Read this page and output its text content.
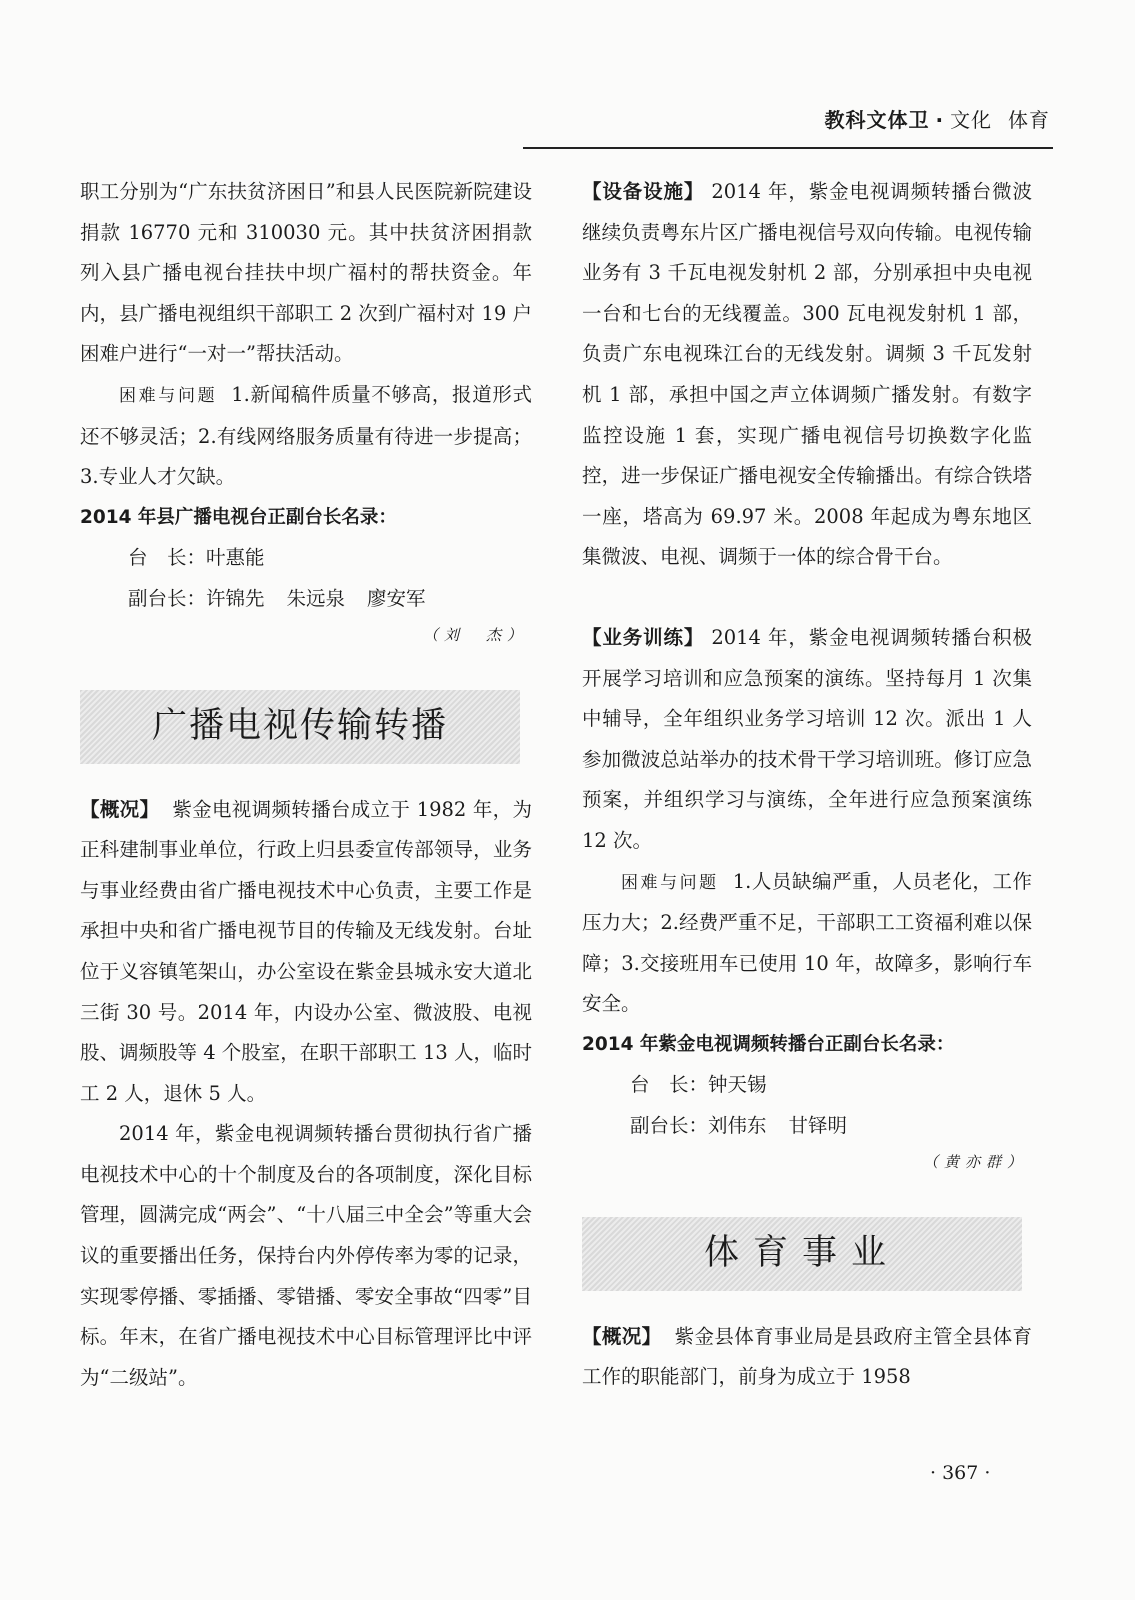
教科文体卫 · 文化 体育

职工分别为“广东扶贫济困日”和县人民医院新院建设捐款 16770 元和 310030 元。其中扶贫济困捐款列入县广播电视台挂扶中坝广福村的帮扶资金。年内，县广播电视组织干部职工 2 次到广福村对 19 户困难户进行“一对一”帮扶活动。

困难与问题 1.新闻稿件质量不够高，报道形式还不够灵活；2.有线网络服务质量有待进一步提高；3.专业人才欠缺。

2014 年县广播电视台正副台长名录：

台　长：叶惠能

副台长：许锦先 朱远泉 廖安军

（刘　杰）

广播电视传输转播

【概况】 紫金电视调频转播台成立于 1982 年，为正科建制事业单位，行政上归县委宣传部领导，业务与事业经费由省广播电视技术中心负责，主要工作是承担中央和省广播电视节目的传输及无线发射。台址位于义容镇笔架山，办公室设在紫金县城永安大道北三街 30 号。2014 年，内设办公室、微波股、电视股、调频股等 4 个股室，在职干部职工 13 人，临时工 2 人，退休 5 人。

2014 年，紫金电视调频转播台贯彻执行省广播电视技术中心的十个制度及台的各项制度，深化目标管理，圆满完成“两会”、“十八届三中全会”等重大会议的重要播出任务，保持台内外停传率为零的记录，实现零停播、零插播、零错播、零安全事故“四零”目标。年末，在省广播电视技术中心目标管理评比中评为“二级站”。

【设备设施】 2014 年，紫金电视调频转播台微波继续负责粤东片区广播电视信号双向传输。电视传输业务有 3 千瓦电视发射机 2 部，分别承担中央电视一台和七台的无线覆盖。300 瓦电视发射机 1 部，负责广东电视珠江台的无线发射。调频 3 千瓦发射机 1 部，承担中国之声立体调频广播发射。有数字监控设施 1 套，实现广播电视信号切换数字化监控，进一步保证广播电视安全传输播出。有综合铁塔一座，塔高为 69.97 米。2008 年起成为粤东地区集微波、电视、调频于一体的综合骨干台。

【业务训练】 2014 年，紫金电视调频转播台积极开展学习培训和应急预案的演练。坚持每月 1 次集中辅导，全年组织业务学习培训 12 次。派出 1 人参加微波总站举办的技术骨干学习培训班。修订应急预案，并组织学习与演练，全年进行应急预案演练 12 次。

困难与问题 1.人员缺编严重，人员老化，工作压力大；2.经费严重不足，干部职工工资福利难以保障；3.交接班用车已使用 10 年，故障多，影响行车安全。

2014 年紫金电视调频转播台正副台长名录：

台　长：钟天锡

副台长：刘伟东 甘铎明

（黄亦群）

体育事业

【概况】 紫金县体育事业局是县政府主管全县体育工作的职能部门，前身为成立于 1958

· 367 ·
